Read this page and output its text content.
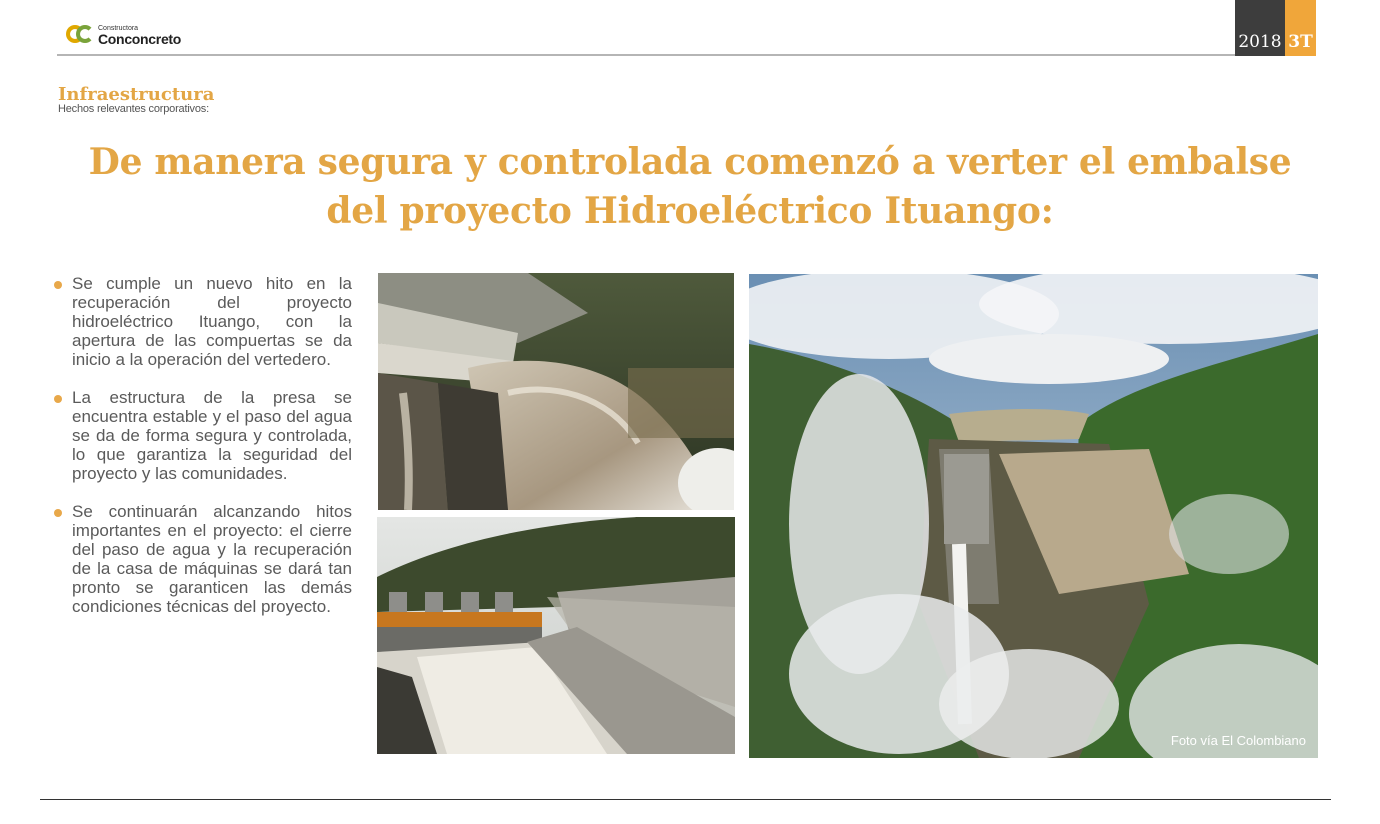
Constructora
Conconcreto	2018 3T
Infraestructura
Hechos relevantes corporativos:
De manera segura y controlada comenzó a verter el embalse
del proyecto Hidroeléctrico Ituango:
Se cumple un nuevo hito en la recuperación del proyecto hidroeléctrico Ituango, con la apertura de las compuertas se da inicio a la operación del vertedero.
La estructura de la presa se encuentra estable y el paso del agua se da de forma segura y controlada, lo que garantiza la seguridad del proyecto y las comunidades.
Se continuarán alcanzando hitos importantes en el proyecto: el cierre del paso de agua y la recuperación de la casa de máquinas se dará tan pronto se garanticen las demás condiciones técnicas del proyecto.
Foto vía El Colombiano
